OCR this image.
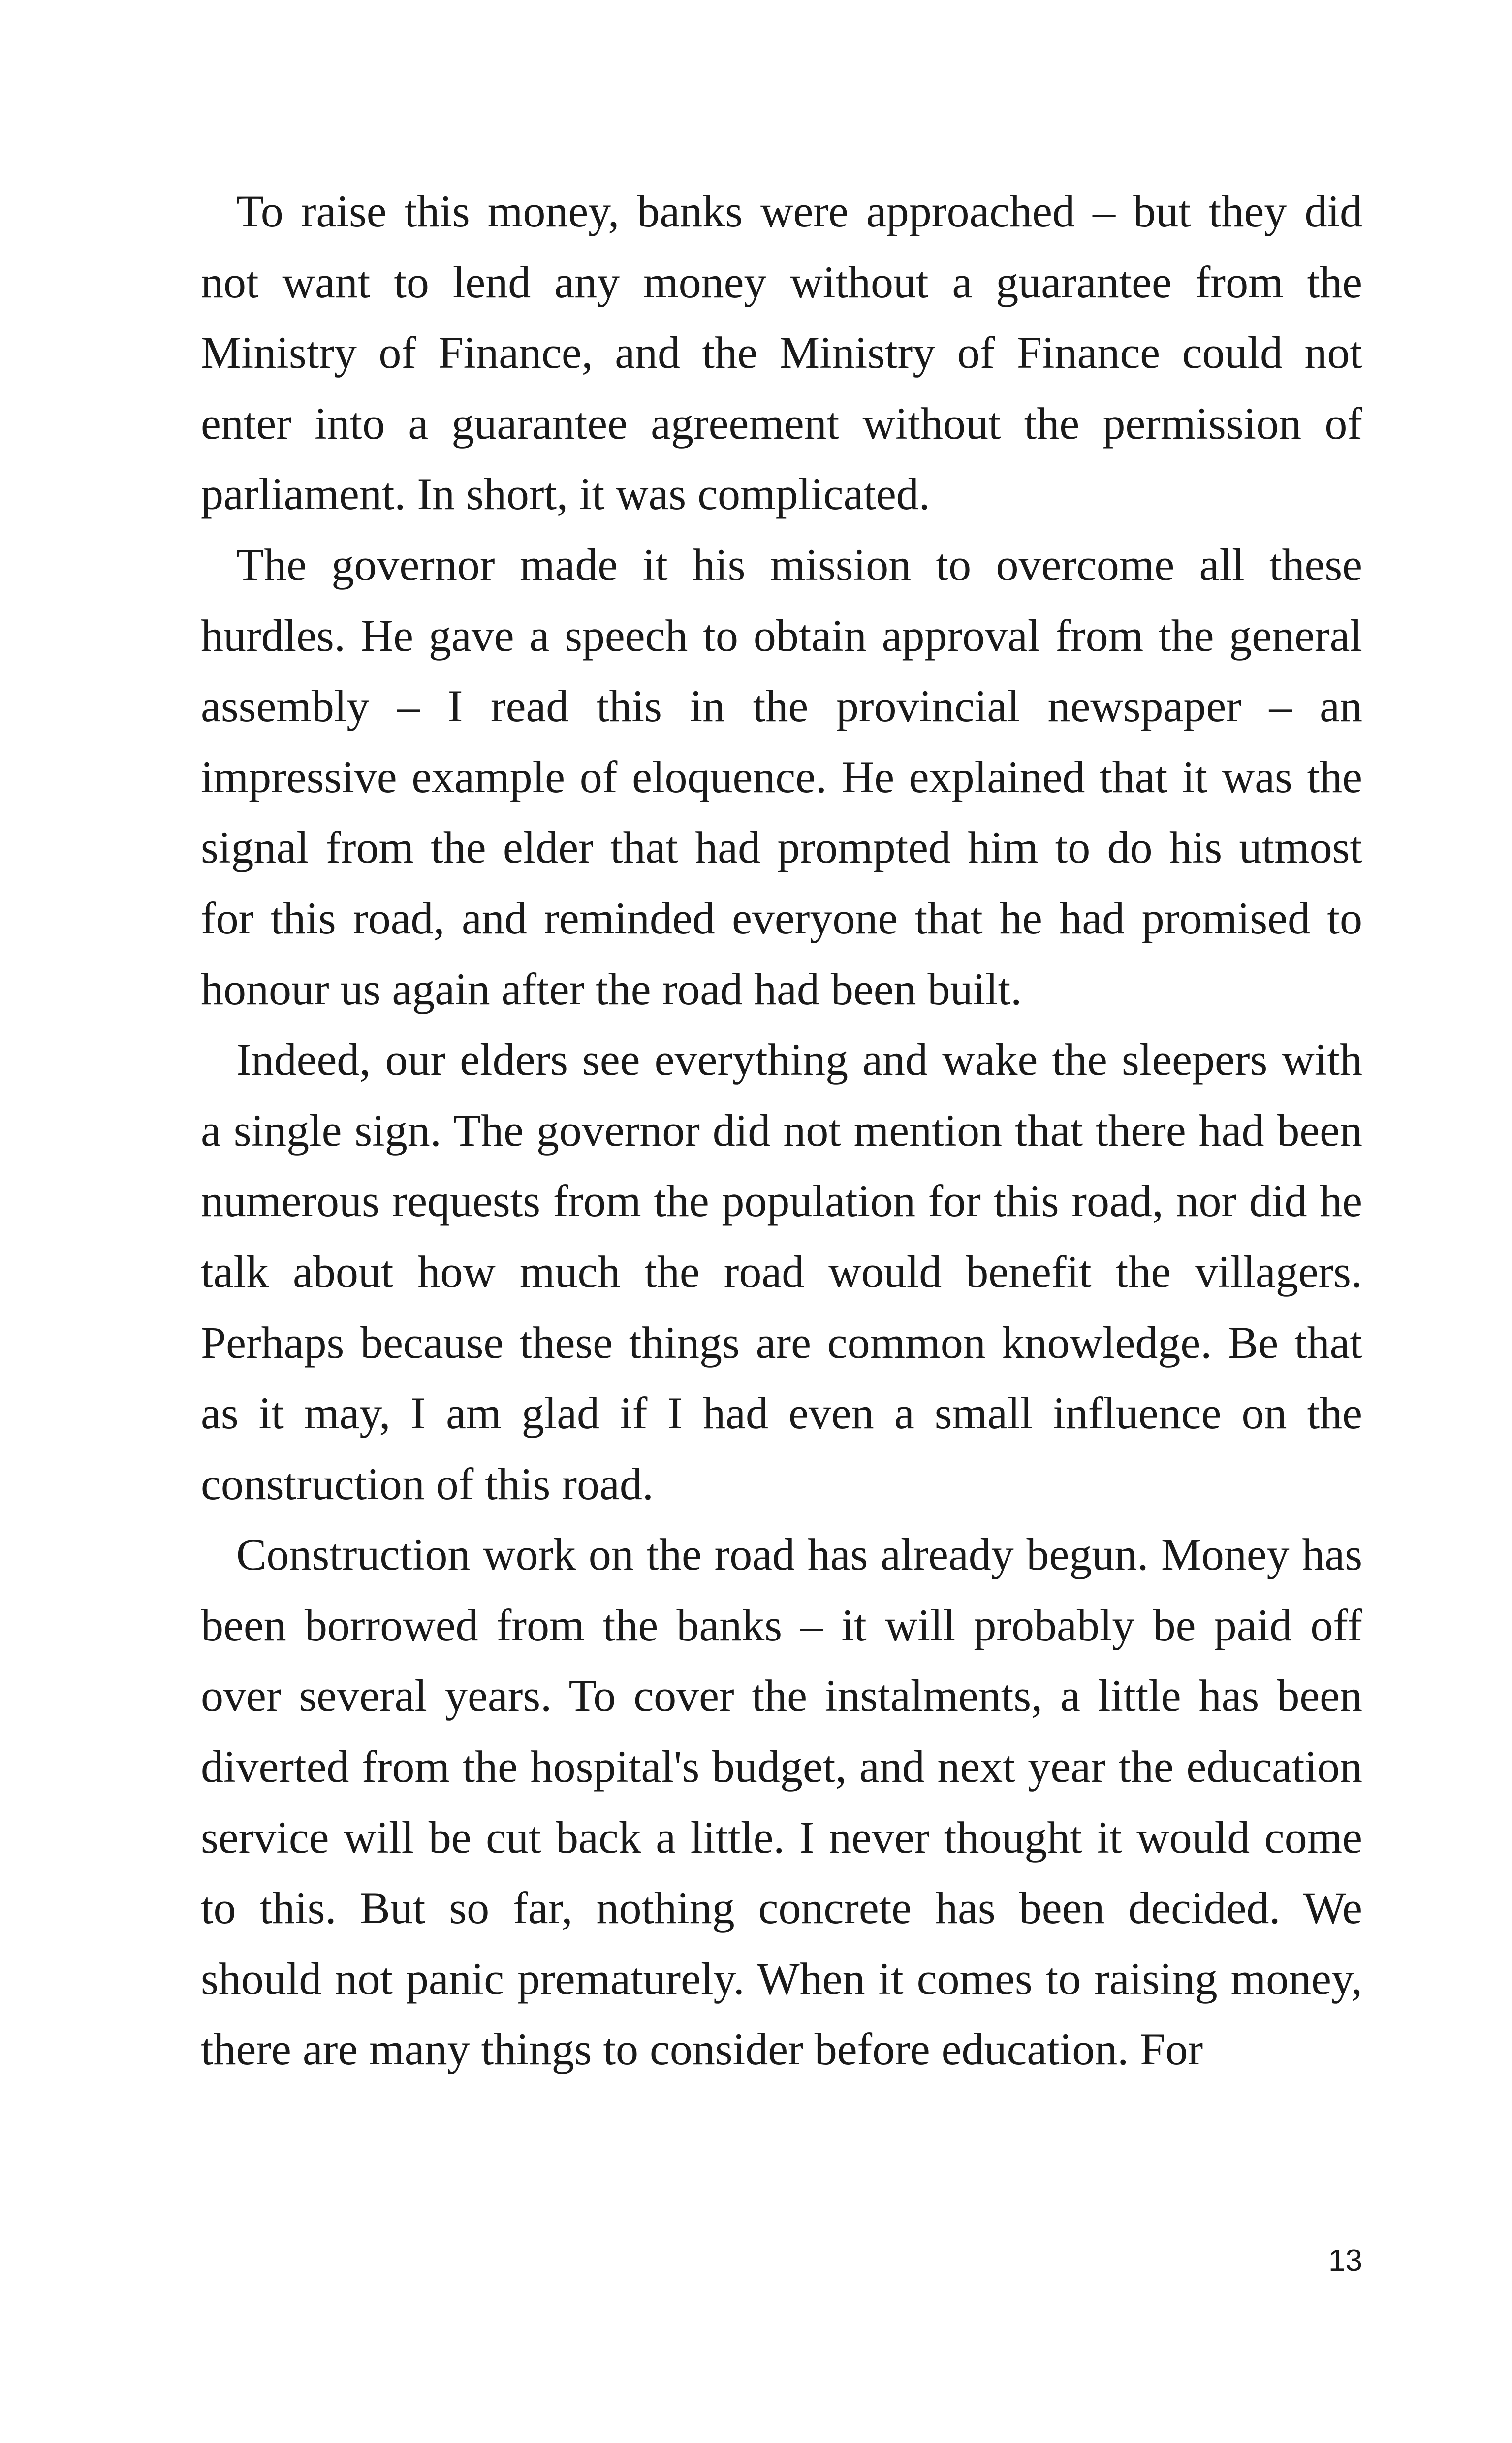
To raise this money, banks were approached – but they did not want to lend any money without a guarantee from the Ministry of Finance, and the Ministry of Finance could not enter into a guarantee agreement without the permission of parliament. In short, it was complicated.

The governor made it his mission to overcome all these hurdles. He gave a speech to obtain approval from the general assembly – I read this in the provincial newspaper – an impressive example of eloquence. He explained that it was the signal from the elder that had prompted him to do his utmost for this road, and reminded everyone that he had promised to honour us again after the road had been built.

Indeed, our elders see everything and wake the sleepers with a single sign. The governor did not mention that there had been numerous requests from the population for this road, nor did he talk about how much the road would benefit the villagers. Perhaps because these things are common knowledge. Be that as it may, I am glad if I had even a small influence on the construction of this road.

Construction work on the road has already begun. Money has been borrowed from the banks – it will probably be paid off over several years. To cover the instalments, a little has been diverted from the hospital's budget, and next year the education service will be cut back a little. I never thought it would come to this. But so far, nothing concrete has been decided. We should not panic prematurely. When it comes to raising money, there are many things to consider before education. For

13
